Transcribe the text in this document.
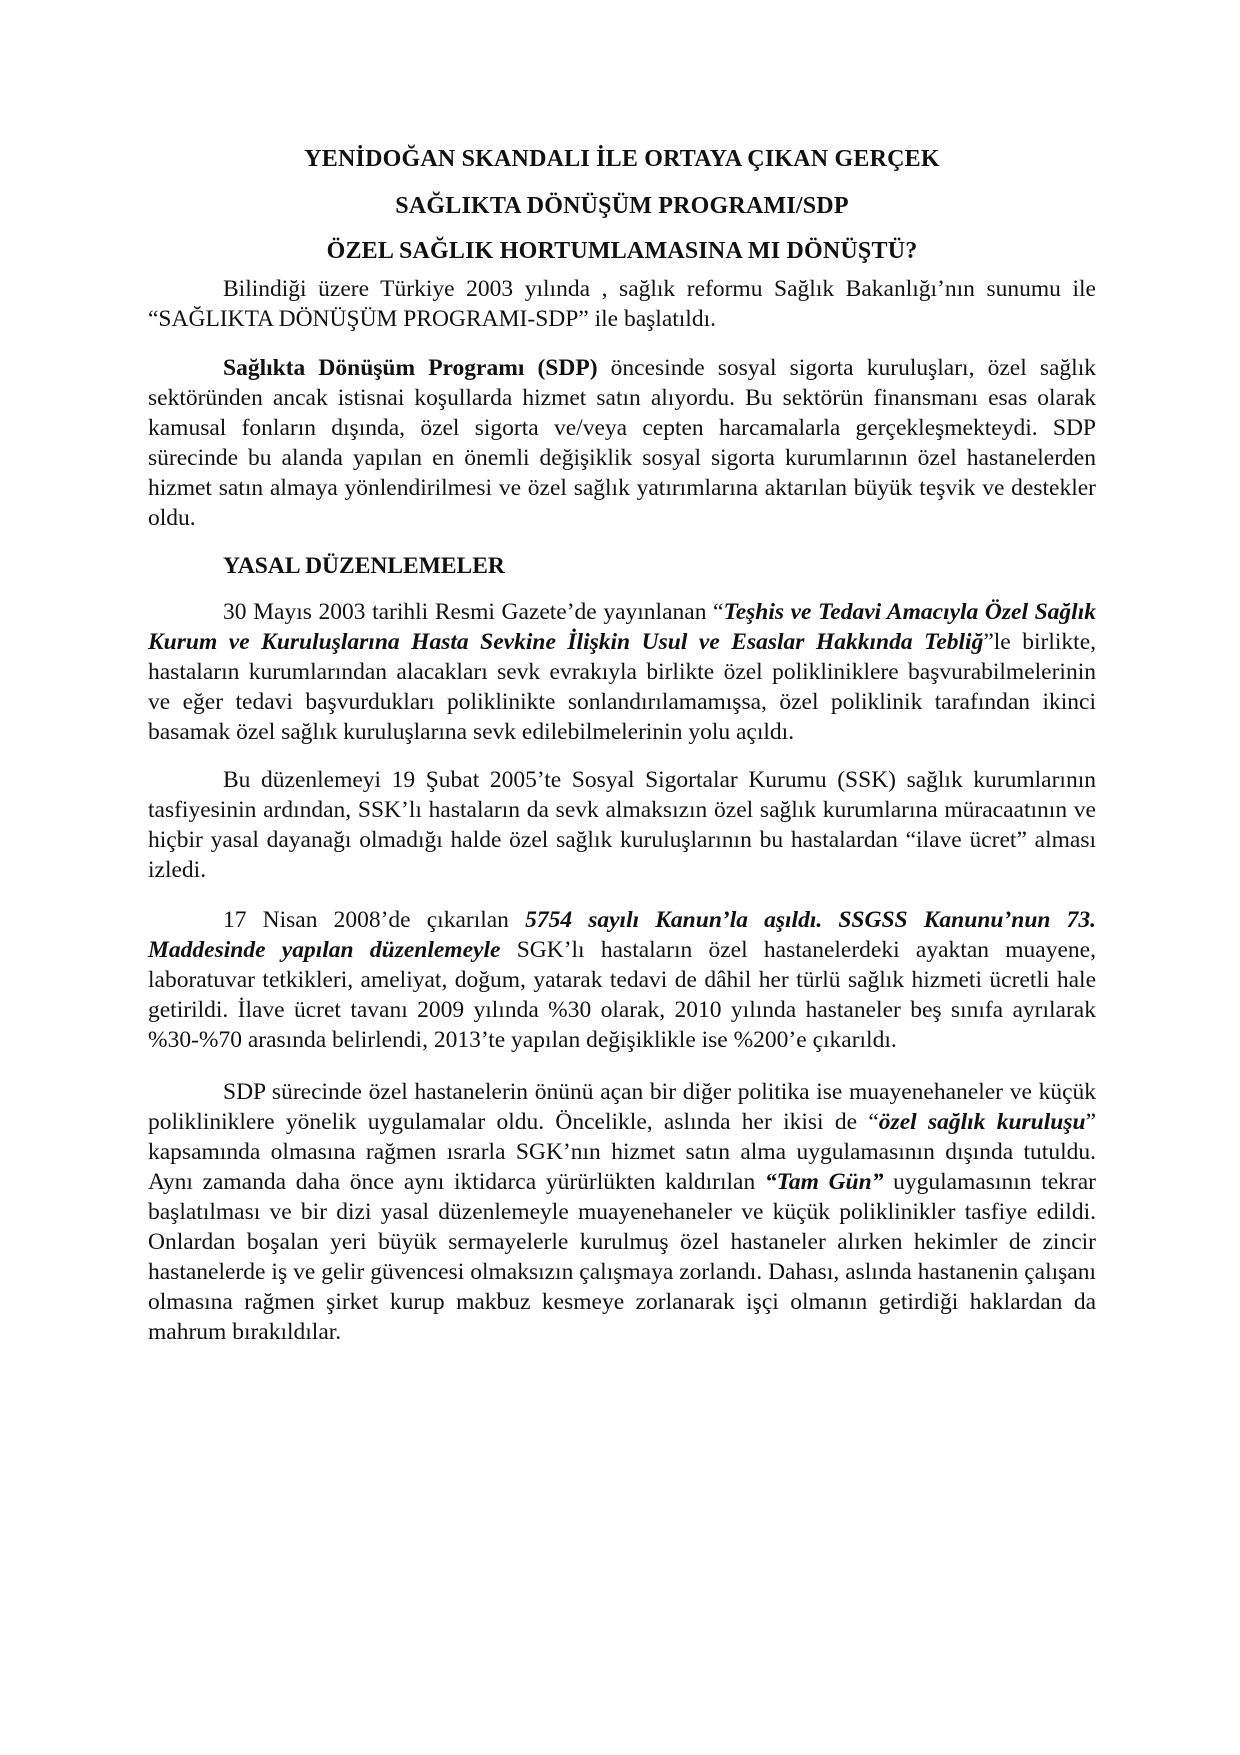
YENİDOĞAN SKANDALI İLE ORTAYA ÇIKAN GERÇEK
SAĞLIKTA DÖNÜŞÜM PROGRAMI/SDP
ÖZEL SAĞLIK HORTUMLAMASINA MI DÖNÜŞTÜ?

Bilindiği üzere Türkiye 2003 yılında , sağlık reformu Sağlık Bakanlığı’nın sunumu ile “SAĞLIKTA DÖNÜŞÜM PROGRAMI-SDP” ile başlatıldı.

Sağlıkta Dönüşüm Programı (SDP) öncesinde sosyal sigorta kuruluşları, özel sağlık sektöründen ancak istisnai koşullarda hizmet satın alıyordu. Bu sektörün finansmanı esas olarak kamusal fonların dışında, özel sigorta ve/veya cepten harcamalarla gerçekleşmekteydi. SDP sürecinde bu alanda yapılan en önemli değişiklik sosyal sigorta kurumlarının özel hastanelerden hizmet satın almaya yönlendirilmesi ve özel sağlık yatırımlarına aktarılan büyük teşvik ve destekler oldu.

YASAL DÜZENLEMELER

30 Mayıs 2003 tarihli Resmi Gazete’de yayınlanan “Teşhis ve Tedavi Amacıyla Özel Sağlık Kurum ve Kuruluşlarına Hasta Sevkine İlişkin Usul ve Esaslar Hakkında Tebliğ”le birlikte, hastaların kurumlarından alacakları sevk evrakıyla birlikte özel polikliniklere başvurabilmelerinin ve eğer tedavi başvurdukları poliklinikte sonlandırılamamışsa, özel poliklinik tarafından ikinci basamak özel sağlık kuruluşlarına sevk edilebilmelerinin yolu açıldı.

Bu düzenlemeyi 19 Şubat 2005’te Sosyal Sigortalar Kurumu (SSK) sağlık kurumlarının tasfiyesinin ardından, SSK’lı hastaların da sevk almaksızın özel sağlık kurumlarına müracaatının ve hiçbir yasal dayanağı olmadığı halde özel sağlık kuruluşlarının bu hastalardan “ilave ücret” alması izledi.

17 Nisan 2008’de çıkarılan 5754 sayılı Kanun’la aşıldı. SSGSS Kanunu’nun 73. Maddesinde yapılan düzenlemeyle SGK’lı hastaların özel hastanelerdeki ayaktan muayene, laboratuvar tetkikleri, ameliyat, doğum, yatarak tedavi de dâhil her türlü sağlık hizmeti ücretli hale getirildi. İlave ücret tavanı 2009 yılında %30 olarak, 2010 yılında hastaneler beş sınıfa ayrılarak %30-%70 arasında belirlendi, 2013’te yapılan değişiklikle ise %200’e çıkarıldı.

SDP sürecinde özel hastanelerin önünü açan bir diğer politika ise muayenehaneler ve küçük polikliniklere yönelik uygulamalar oldu. Öncelikle, aslında her ikisi de “özel sağlık kuruluşu” kapsamında olmasına rağmen ısrarla SGK’nın hizmet satın alma uygulamasının dışında tutuldu. Aynı zamanda daha önce aynı iktidarca yürürlükten kaldırılan “Tam Gün” uygulamasının tekrar başlatılması ve bir dizi yasal düzenlemeyle muayenehaneler ve küçük poliklinikler tasfiye edildi. Onlardan boşalan yeri büyük sermayelerle kurulmuş özel hastaneler alırken hekimler de zincir hastanelerde iş ve gelir güvencesi olmaksızın çalışmaya zorlandı. Dahası, aslında hastanenin çalışanı olmasına rağmen şirket kurup makbuz kesmeye zorlanarak işçi olmanın getirdiği haklardan da mahrum bırakıldılar.
